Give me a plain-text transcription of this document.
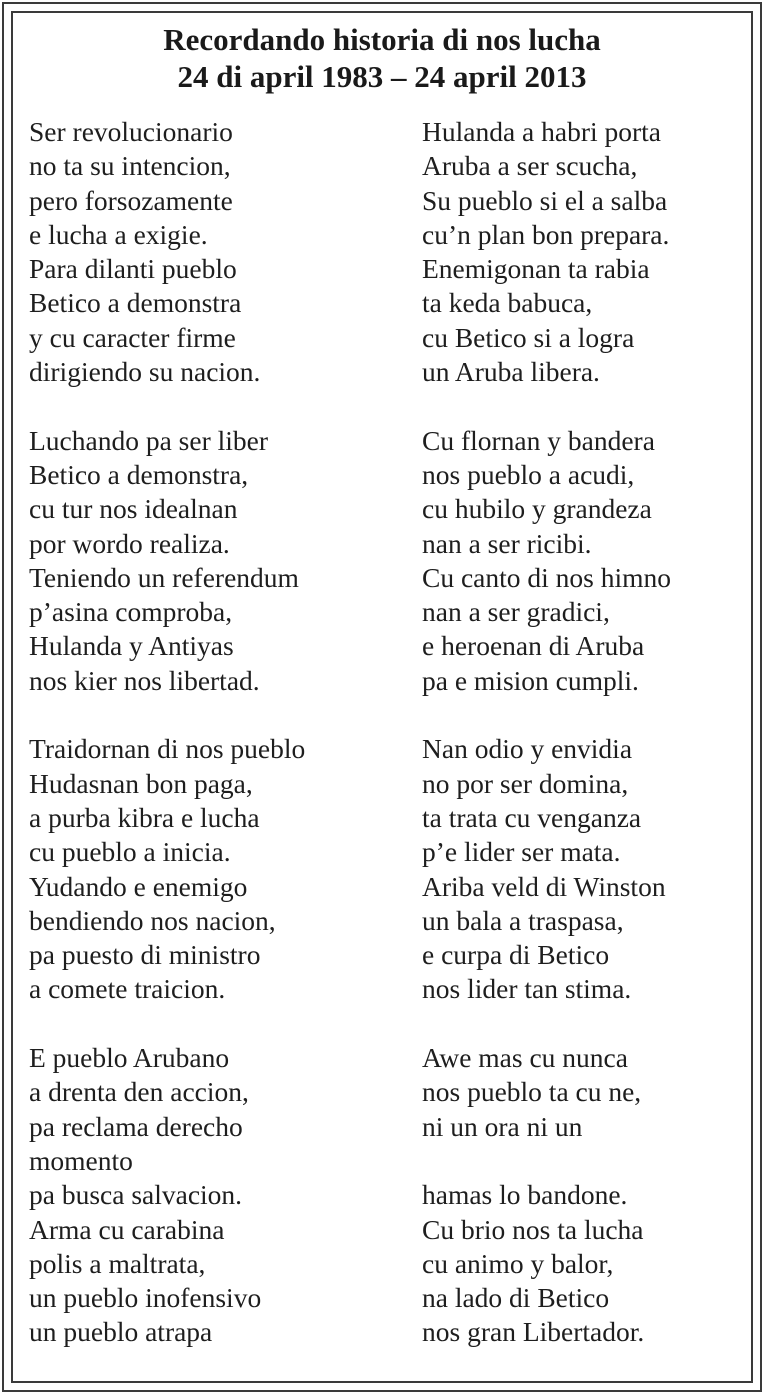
Recordando historia di nos lucha
24 di april 1983 – 24 april 2013
Ser revolucionario
no ta su intencion,
pero forsozamente
e lucha a exigie.
Para dilanti pueblo
Betico a demonstra
y cu caracter firme
dirigiendo su nacion.
Luchando pa ser liber
Betico a demonstra,
cu tur nos idealnan
por wordo realiza.
Teniendo un referendum
p’asina comproba,
Hulanda y Antiyas
nos kier nos libertad.
Traidornan di nos pueblo
Hudasnan bon paga,
a purba kibra e lucha
cu pueblo a inicia.
Yudando e enemigo
bendiendo nos nacion,
pa puesto di ministro
a comete traicion.
E pueblo Arubano
a drenta den accion,
pa reclama derecho
momento
pa busca salvacion.
Arma cu carabina
polis a maltrata,
un pueblo inofensivo
un pueblo atrapa
Hulanda a habri porta
Aruba a ser scucha,
Su pueblo si el a salba
cu’n plan bon prepara.
Enemigonan ta rabia
ta keda babuca,
cu Betico si a logra
un Aruba libera.
Cu flornan y bandera
nos pueblo a acudi,
cu hubilo y grandeza
nan a ser ricibi.
Cu canto di nos himno
nan a ser gradici,
e heroenan di Aruba
pa e mision cumpli.
Nan odio y envidia
no por ser domina,
ta trata cu venganza
p’e lider ser mata.
Ariba veld di Winston
un bala a traspasa,
e curpa di Betico
nos lider tan stima.
Awe mas cu nunca
nos pueblo ta cu ne,
ni un ora ni un
hamas lo bandone.
Cu brio nos ta lucha
cu animo y balor,
na lado di Betico
nos gran Libertador.
